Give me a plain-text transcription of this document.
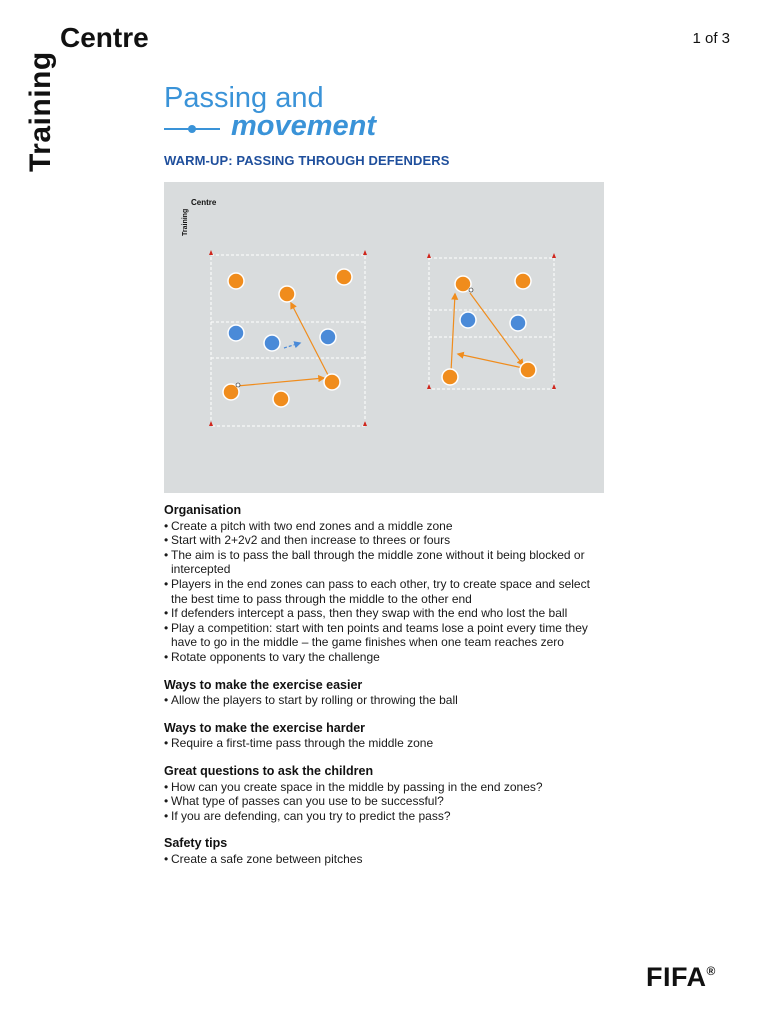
Training
Centre	1 of 3
Passing and
movement
WARM-UP: PASSING THROUGH DEFENDERS
Training
Centre
Organisation
• Create a pitch with two end zones and a middle zone
• Start with 2+2v2 and then increase to threes or fours
• The aim is to pass the ball through the middle zone without it being blocked or intercepted
• Players in the end zones can pass to each other, try to create space and select the best time to pass through the middle to the other end
• If defenders intercept a pass, then they swap with the end who lost the ball
• Play a competition: start with ten points and teams lose a point every time they have to go in the middle – the game finishes when one team reaches zero
• Rotate opponents to vary the challenge
Ways to make the exercise easier
• Allow the players to start by rolling or throwing the ball
Ways to make the exercise harder
• Require a first-time pass through the middle zone
Great questions to ask the children
• How can you create space in the middle by passing in the end zones?
• What type of passes can you use to be successful?
• If you are defending, can you try to predict the pass?
Safety tips
• Create a safe zone between pitches
FIFA®
